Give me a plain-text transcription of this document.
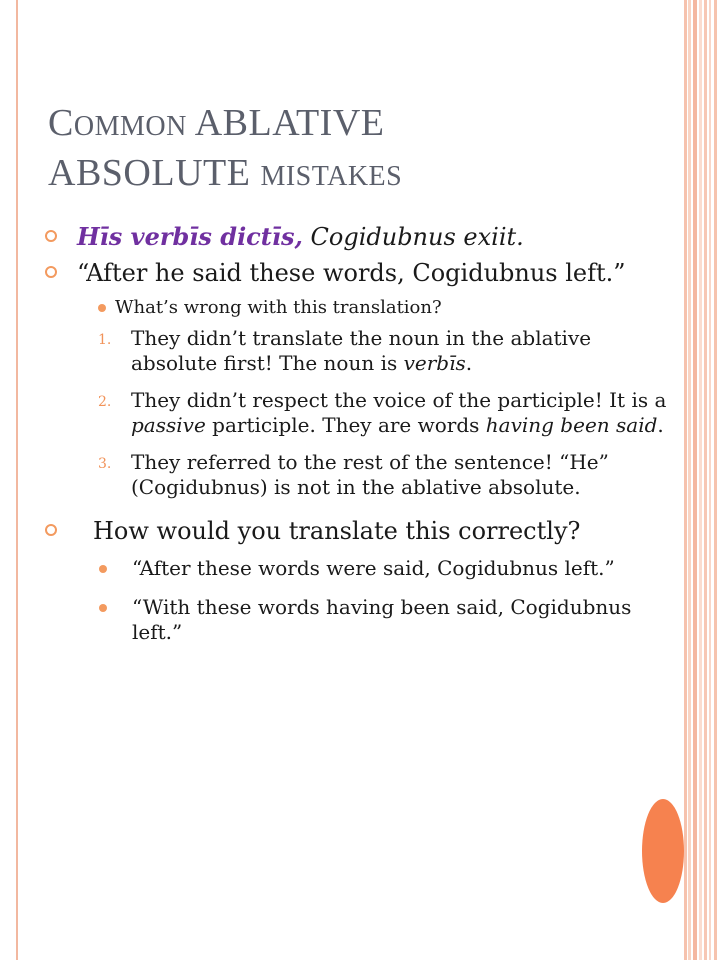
COMMON ABLATIVE
ABSOLUTE MISTAKES
Hīs verbīs dictīs, Cogidubnus exiit.
“After he said these words, Cogidubnus left.”
What’s wrong with this translation?
1. They didn’t translate the noun in the ablative absolute first! The noun is verbīs.
2. They didn’t respect the voice of the participle! It is a passive participle. They are words having been said.
3. They referred to the rest of the sentence! “He” (Cogidubnus) is not in the ablative absolute.
How would you translate this correctly?
“After these words were said, Cogidubnus left.”
“With these words having been said, Cogidubnus left.”
